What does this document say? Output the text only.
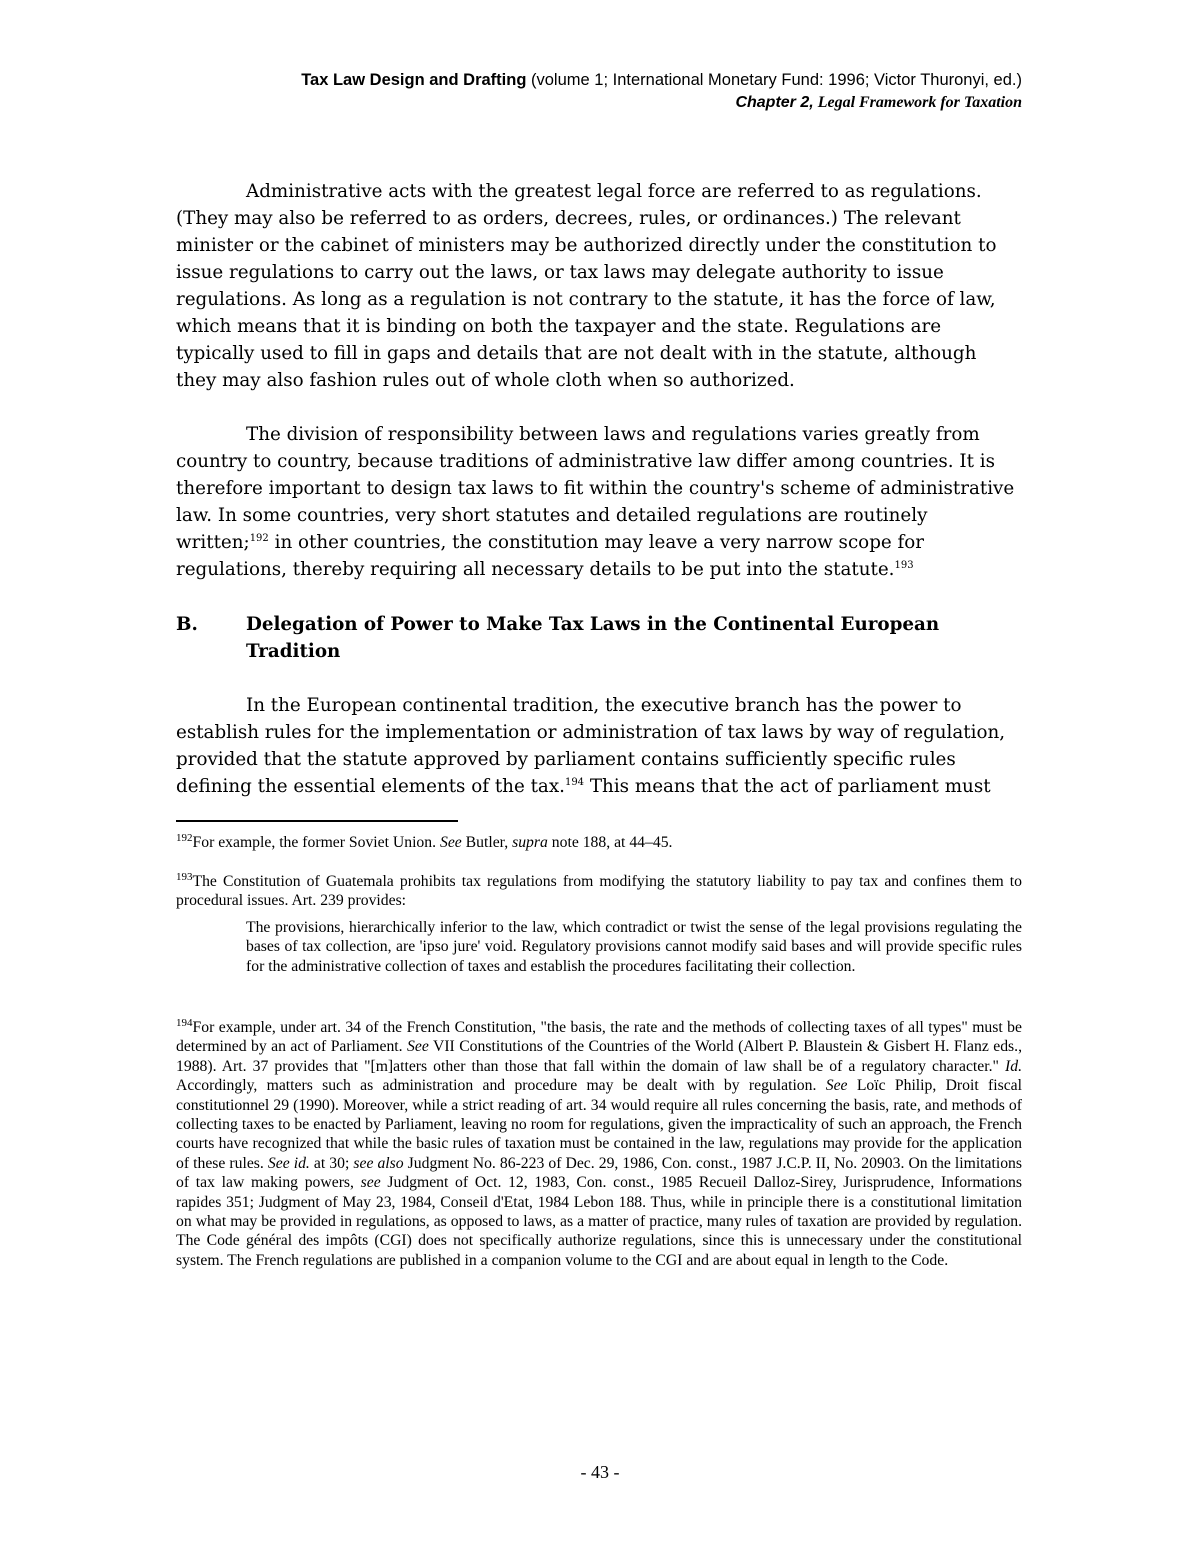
Tax Law Design and Drafting (volume 1; International Monetary Fund: 1996; Victor Thuronyi, ed.)
Chapter 2, Legal Framework for Taxation

Administrative acts with the greatest legal force are referred to as regulations. (They may also be referred to as orders, decrees, rules, or ordinances.) The relevant minister or the cabinet of ministers may be authorized directly under the constitution to issue regulations to carry out the laws, or tax laws may delegate authority to issue regulations. As long as a regulation is not contrary to the statute, it has the force of law, which means that it is binding on both the taxpayer and the state. Regulations are typically used to fill in gaps and details that are not dealt with in the statute, although they may also fashion rules out of whole cloth when so authorized.

The division of responsibility between laws and regulations varies greatly from country to country, because traditions of administrative law differ among countries. It is therefore important to design tax laws to fit within the country's scheme of administrative law. In some countries, very short statutes and detailed regulations are routinely written;$^{192}$ in other countries, the constitution may leave a very narrow scope for regulations, thereby requiring all necessary details to be put into the statute.$^{193}$

B.	Delegation of Power to Make Tax Laws in the Continental European Tradition

In the European continental tradition, the executive branch has the power to establish rules for the implementation or administration of tax laws by way of regulation, provided that the statute approved by parliament contains sufficiently specific rules defining the essential elements of the tax.$^{194}$ This means that the act of parliament must

$^{192}$For example, the former Soviet Union. See Butler, supra note 188, at 44–45.

$^{193}$The Constitution of Guatemala prohibits tax regulations from modifying the statutory liability to pay tax and confines them to procedural issues. Art. 239 provides:

The provisions, hierarchically inferior to the law, which contradict or twist the sense of the legal provisions regulating the bases of tax collection, are 'ipso jure' void. Regulatory provisions cannot modify said bases and will provide specific rules for the administrative collection of taxes and establish the procedures facilitating their collection.

$^{194}$For example, under art. 34 of the French Constitution, "the basis, the rate and the methods of collecting taxes of all types" must be determined by an act of Parliament. See VII Constitutions of the Countries of the World (Albert P. Blaustein & Gisbert H. Flanz eds., 1988). Art. 37 provides that "[m]atters other than those that fall within the domain of law shall be of a regulatory character." Id. Accordingly, matters such as administration and procedure may be dealt with by regulation. See Loïc Philip, Droit fiscal constitutionnel 29 (1990). Moreover, while a strict reading of art. 34 would require all rules concerning the basis, rate, and methods of collecting taxes to be enacted by Parliament, leaving no room for regulations, given the impracticality of such an approach, the French courts have recognized that while the basic rules of taxation must be contained in the law, regulations may provide for the application of these rules. See id. at 30; see also Judgment No. 86-223 of Dec. 29, 1986, Con. const., 1987 J.C.P. II, No. 20903. On the limitations of tax law making powers, see Judgment of Oct. 12, 1983, Con. const., 1985 Recueil Dalloz-Sirey, Jurisprudence, Informations rapides 351; Judgment of May 23, 1984, Conseil d'Etat, 1984 Lebon 188. Thus, while in principle there is a constitutional limitation on what may be provided in regulations, as opposed to laws, as a matter of practice, many rules of taxation are provided by regulation. The Code général des impôts (CGI) does not specifically authorize regulations, since this is unnecessary under the constitutional system. The French regulations are published in a companion volume to the CGI and are about equal in length to the Code.

- 43 -
